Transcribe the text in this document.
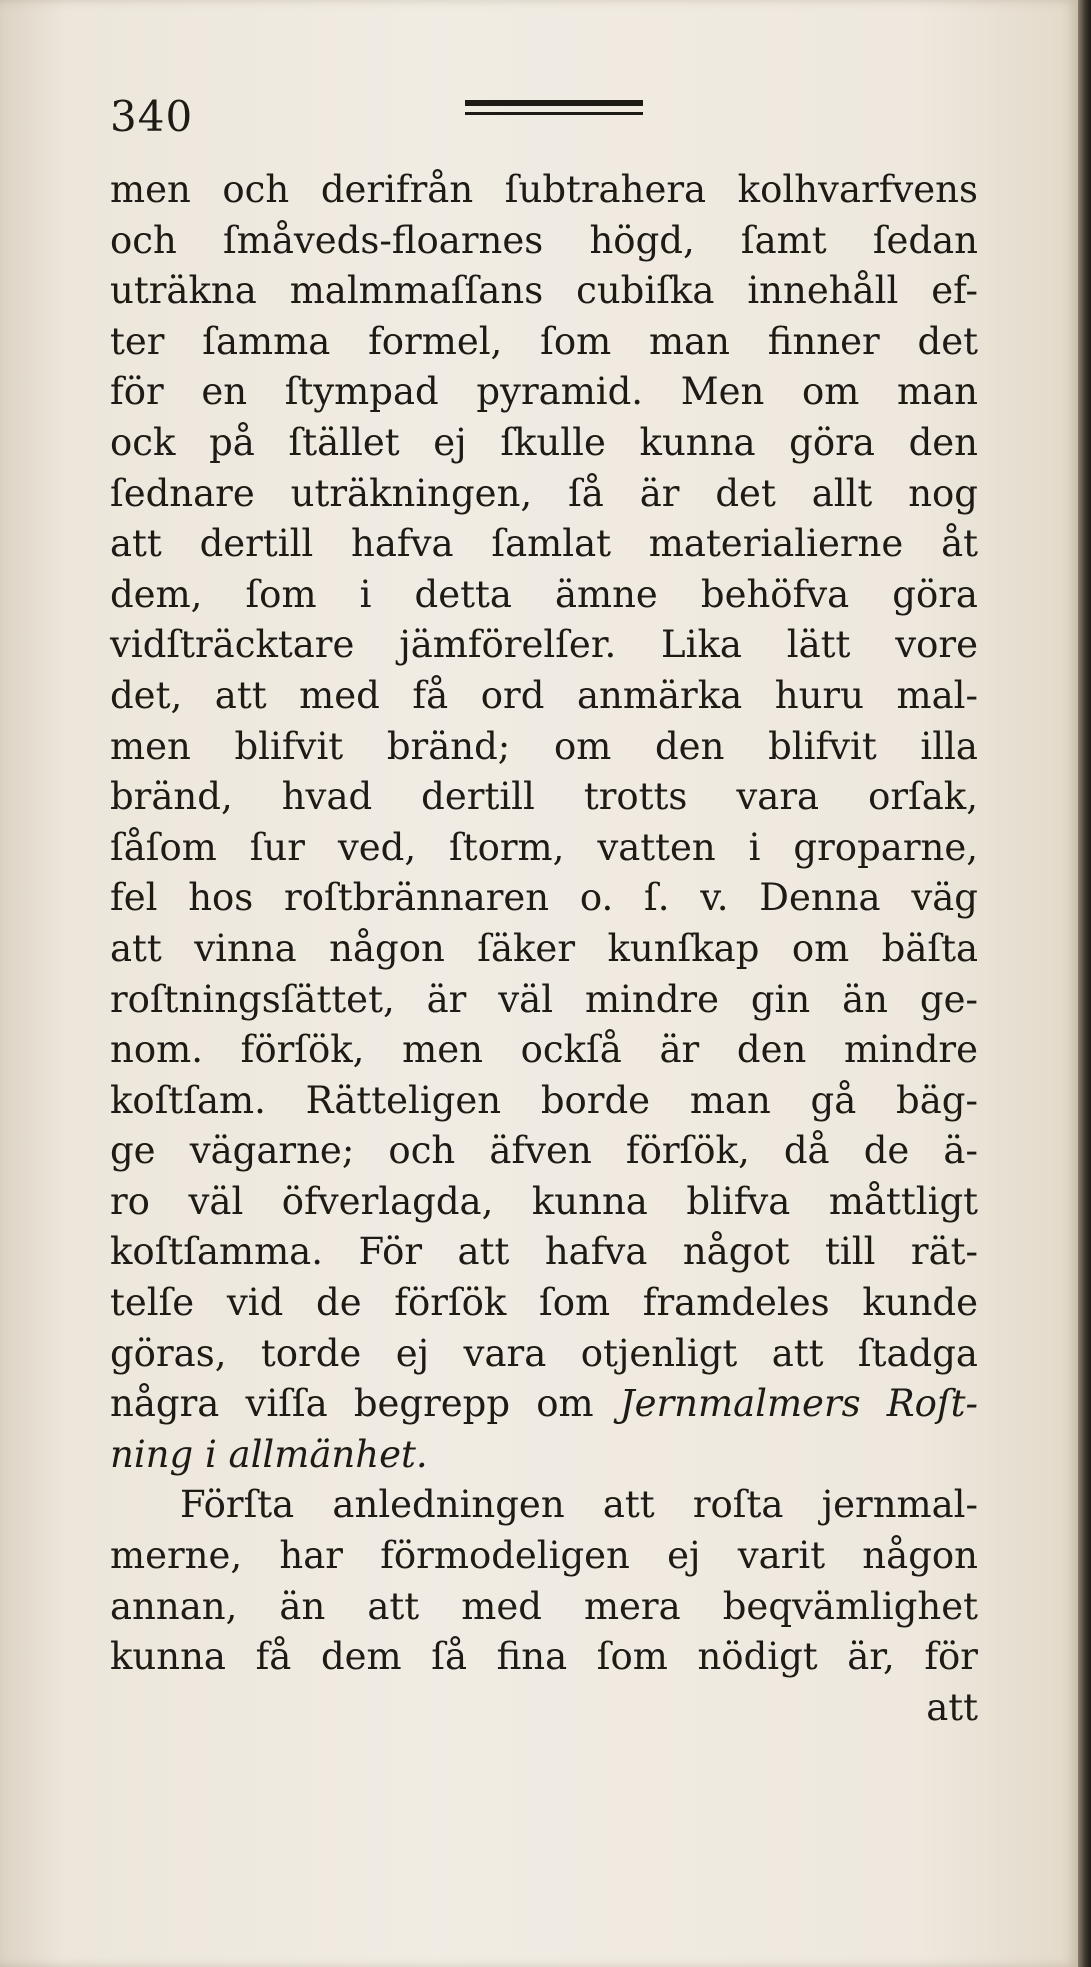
340
men och derifrån ſubtrahera kolhvarfvens
och ſmåveds-floarnes högd, ſamt ſedan
uträkna malmmaſſans cubiſka innehåll ef-
ter ſamma formel, ſom man finner det
för en ſtympad pyramid. Men om man
ock på ſtället ej ſkulle kunna göra den
ſednare uträkningen, ſå är det allt nog
att dertill hafva ſamlat materialierne åt
dem, ſom i detta ämne behöfva göra
vidſträcktare jämförelſer. Lika lätt vore
det, att med få ord anmärka huru mal-
men blifvit bränd; om den blifvit illa
bränd, hvad dertill trotts vara orſak,
ſåſom ſur ved, ſtorm, vatten i groparne,
fel hos roſtbrännaren o. ſ. v. Denna väg
att vinna någon ſäker kunſkap om bäſta
roſtningsſättet, är väl mindre gin än ge-
nom. förſök, men ockſå är den mindre
koſtſam. Rätteligen borde man gå bäg-
ge vägarne; och äfven förſök, då de ä-
ro väl öfverlagda, kunna blifva måttligt
koſtſamma. För att hafva något till rät-
telſe vid de förſök ſom framdeles kunde
göras, torde ej vara otjenligt att ſtadga
några viſſa begrepp om Jernmalmers Roſt-
ning i allmänhet.
Förſta anledningen att roſta jernmal-
merne, har förmodeligen ej varit någon
annan, än att med mera beqvämlighet
kunna få dem ſå fina ſom nödigt är, för
att
